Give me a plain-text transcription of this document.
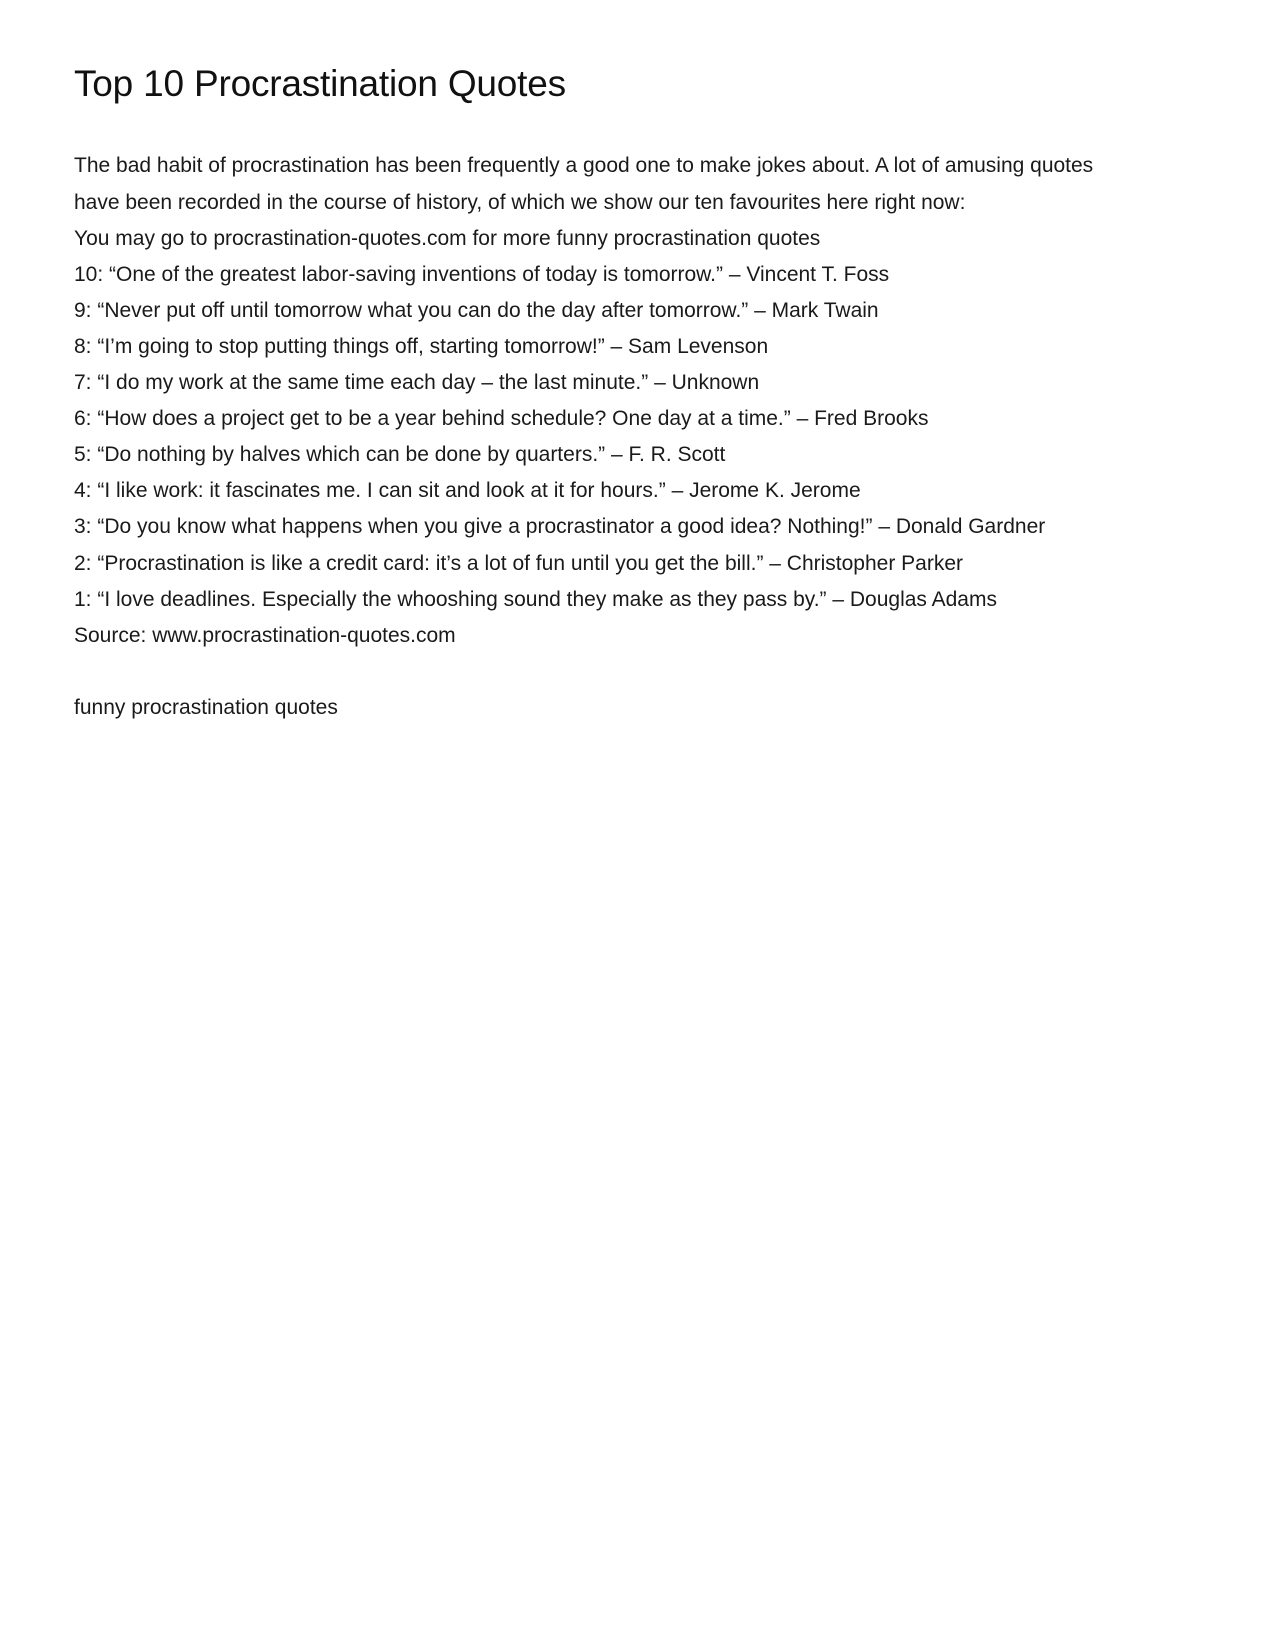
Top 10 Procrastination Quotes

The bad habit of procrastination has been frequently a good one to make jokes about. A lot of amusing quotes have been recorded in the course of history, of which we show our ten favourites here right now:

You may go to procrastination-quotes.com for more funny procrastination quotes

10: “One of the greatest labor-saving inventions of today is tomorrow.” – Vincent T. Foss
9: “Never put off until tomorrow what you can do the day after tomorrow.” – Mark Twain
8: “I’m going to stop putting things off, starting tomorrow!” – Sam Levenson
7: “I do my work at the same time each day – the last minute.” – Unknown
6: “How does a project get to be a year behind schedule? One day at a time.” – Fred Brooks
5: “Do nothing by halves which can be done by quarters.” – F. R. Scott
4: “I like work: it fascinates me. I can sit and look at it for hours.” – Jerome K. Jerome
3: “Do you know what happens when you give a procrastinator a good idea? Nothing!” – Donald Gardner
2: “Procrastination is like a credit card: it’s a lot of fun until you get the bill.” – Christopher Parker
1: “I love deadlines. Especially the whooshing sound they make as they pass by.” – Douglas Adams

Source: www.procrastination-quotes.com

funny procrastination quotes
